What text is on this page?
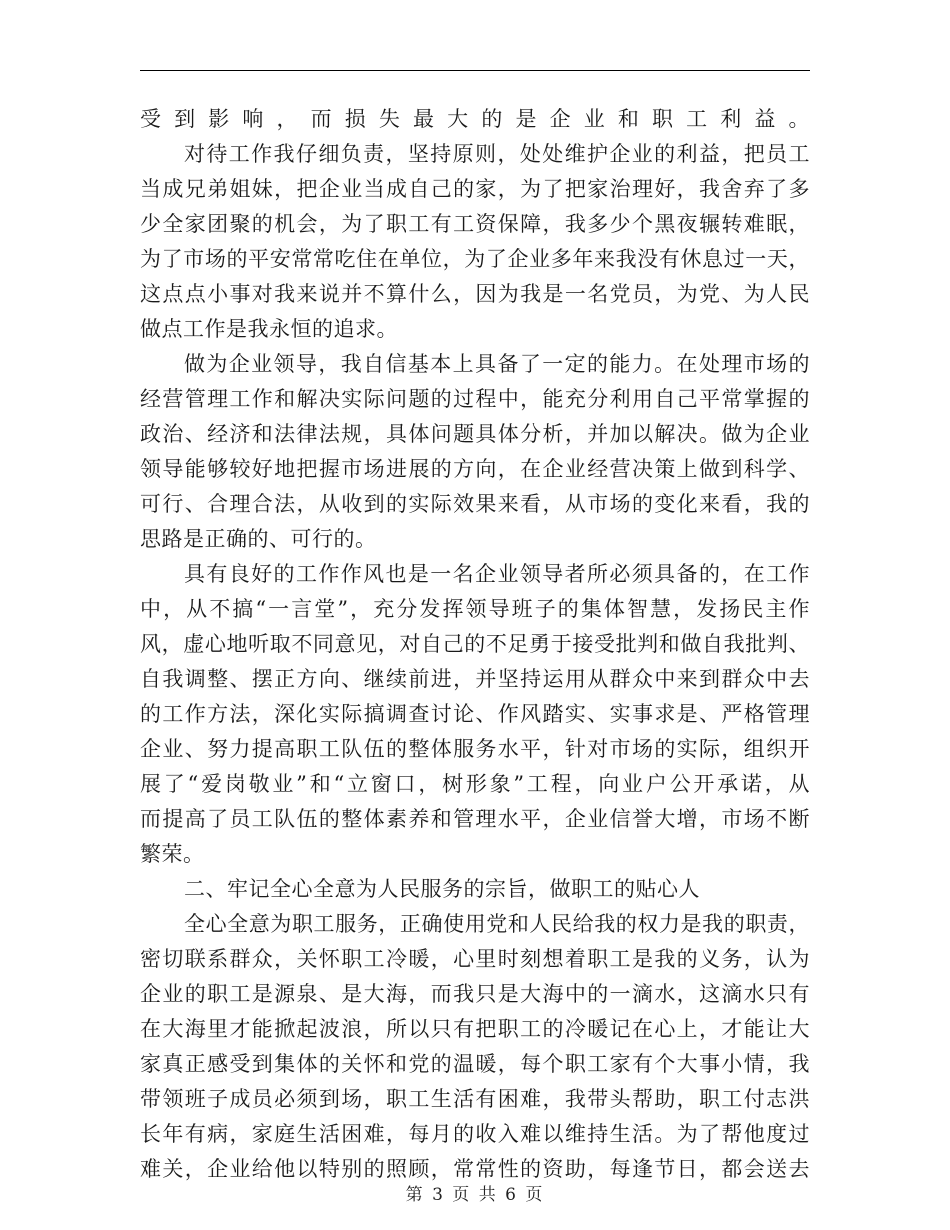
受到影响，而损失最大的是企业和职工利益。
对待工作我仔细负责，坚持原则，处处维护企业的利益，把员工
当成兄弟姐妹，把企业当成自己的家，为了把家治理好，我舍弃了多
少全家团聚的机会，为了职工有工资保障，我多少个黑夜辗转难眠，
为了市场的平安常常吃住在单位，为了企业多年来我没有休息过一天，
这点点小事对我来说并不算什么，因为我是一名党员，为党、为人民
做点工作是我永恒的追求。
做为企业领导，我自信基本上具备了一定的能力。在处理市场的
经营管理工作和解决实际问题的过程中，能充分利用自己平常掌握的
政治、经济和法律法规，具体问题具体分析，并加以解决。做为企业
领导能够较好地把握市场进展的方向，在企业经营决策上做到科学、
可行、合理合法，从收到的实际效果来看，从市场的变化来看，我的
思路是正确的、可行的。
具有良好的工作作风也是一名企业领导者所必须具备的，在工作
中，从不搞“一言堂”，充分发挥领导班子的集体智慧，发扬民主作
风，虚心地听取不同意见，对自己的不足勇于接受批判和做自我批判、
自我调整、摆正方向、继续前进，并坚持运用从群众中来到群众中去
的工作方法，深化实际搞调查讨论、作风踏实、实事求是、严格管理
企业、努力提高职工队伍的整体服务水平，针对市场的实际，组织开
展了“爱岗敬业”和“立窗口，树形象”工程，向业户公开承诺，从
而提高了员工队伍的整体素养和管理水平，企业信誉大增，市场不断
繁荣。
二、牢记全心全意为人民服务的宗旨，做职工的贴心人
全心全意为职工服务，正确使用党和人民给我的权力是我的职责，
密切联系群众，关怀职工冷暖，心里时刻想着职工是我的义务，认为
企业的职工是源泉、是大海，而我只是大海中的一滴水，这滴水只有
在大海里才能掀起波浪，所以只有把职工的冷暖记在心上，才能让大
家真正感受到集体的关怀和党的温暖，每个职工家有个大事小情，我
带领班子成员必须到场，职工生活有困难，我带头帮助，职工付志洪
长年有病，家庭生活困难，每月的收入难以维持生活。为了帮他度过
难关，企业给他以特别的照顾，常常性的资助，每逢节日，都会送去
第 3 页 共 6 页
